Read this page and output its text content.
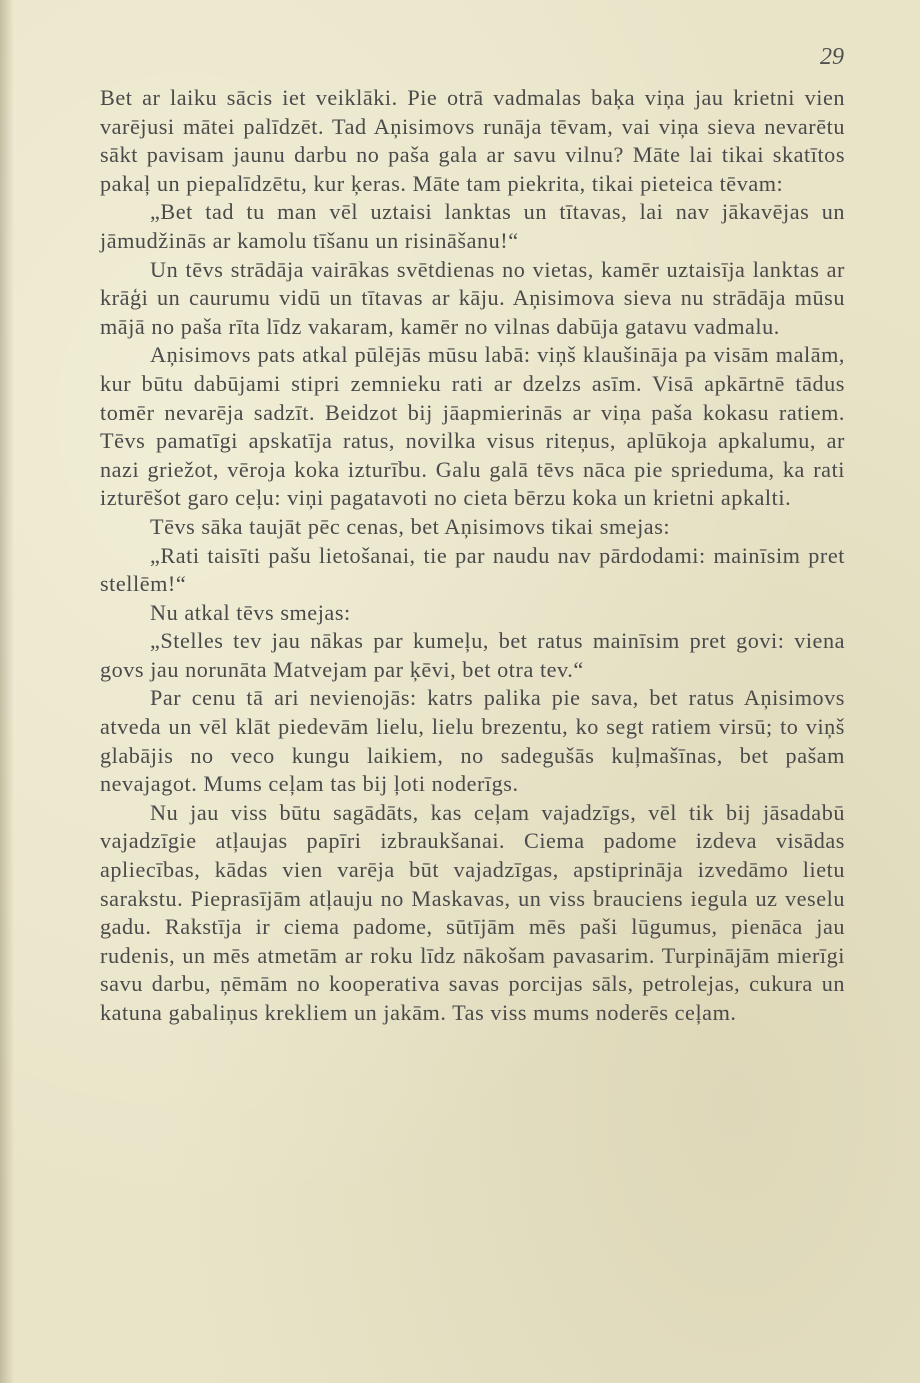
29

Bet ar laiku sācis iet veiklāki. Pie otrā vadmalas baķa viņa jau krietni vien varējusi mātei palīdzēt. Tad Aņisimovs runāja tēvam, vai viņa sieva nevarētu sākt pavisam jaunu darbu no paša gala ar savu vilnu? Māte lai tikai skatītos pakaļ un piepalīdzētu, kur ķeras. Māte tam piekrita, tikai pieteica tēvam:

„Bet tad tu man vēl uztaisi lanktas un tītavas, lai nav jākavējas un jāmudžinās ar kamolu tīšanu un risināšanu!“

Un tēvs strādāja vairākas svētdienas no vietas, kamēr uztaisīja lanktas ar krāģi un caurumu vidū un tītavas ar kāju. Aņisimova sieva nu strādāja mūsu mājā no paša rīta līdz vakaram, kamēr no vilnas dabūja gatavu vadmalu.

Aņisimovs pats atkal pūlējās mūsu labā: viņš klaušināja pa visām malām, kur būtu dabūjami stipri zemnieku rati ar dzelzs asīm. Visā apkārtnē tādus tomēr nevarēja sadzīt. Beidzot bij jāapmierinās ar viņa paša kokasu ratiem. Tēvs pamatīgi apskatīja ratus, novilka visus riteņus, aplūkoja apkalumu, ar nazi griežot, vēroja koka izturību. Galu galā tēvs nāca pie sprieduma, ka rati izturēšot garo ceļu: viņi pagatavoti no cieta bērzu koka un krietni apkalti.

Tēvs sāka taujāt pēc cenas, bet Aņisimovs tikai smejas:

„Rati taisīti pašu lietošanai, tie par naudu nav pārdodami: mainīsim pret stellēm!“

Nu atkal tēvs smejas:

„Stelles tev jau nākas par kumeļu, bet ratus mainīsim pret govi: viena govs jau norunāta Matvejam par ķēvi, bet otra tev.“

Par cenu tā ari nevienojās: katrs palika pie sava, bet ratus Aņisimovs atveda un vēl klāt piedevām lielu, lielu brezentu, ko segt ratiem virsū; to viņš glabājis no veco kungu laikiem, no sadegušās kuļmašīnas, bet pašam nevajagot. Mums ceļam tas bij ļoti noderīgs.

Nu jau viss būtu sagādāts, kas ceļam vajadzīgs, vēl tik bij jāsadabū vajadzīgie atļaujas papīri izbraukšanai. Ciema padome izdeva visādas apliecības, kādas vien varēja būt vajadzīgas, apstiprināja izvedāmo lietu sarakstu. Pieprasījām atļauju no Maskavas, un viss brauciens iegula uz veselu gadu. Rakstīja ir ciema padome, sūtījām mēs paši lūgumus, pienāca jau rudenis, un mēs atmetām ar roku līdz nākošam pavasarim. Turpinājām mierīgi savu darbu, ņēmām no kooperativa savas porcijas sāls, petrolejas, cukura un katuna gabaliņus krekliem un jakām. Tas viss mums noderēs ceļam.
